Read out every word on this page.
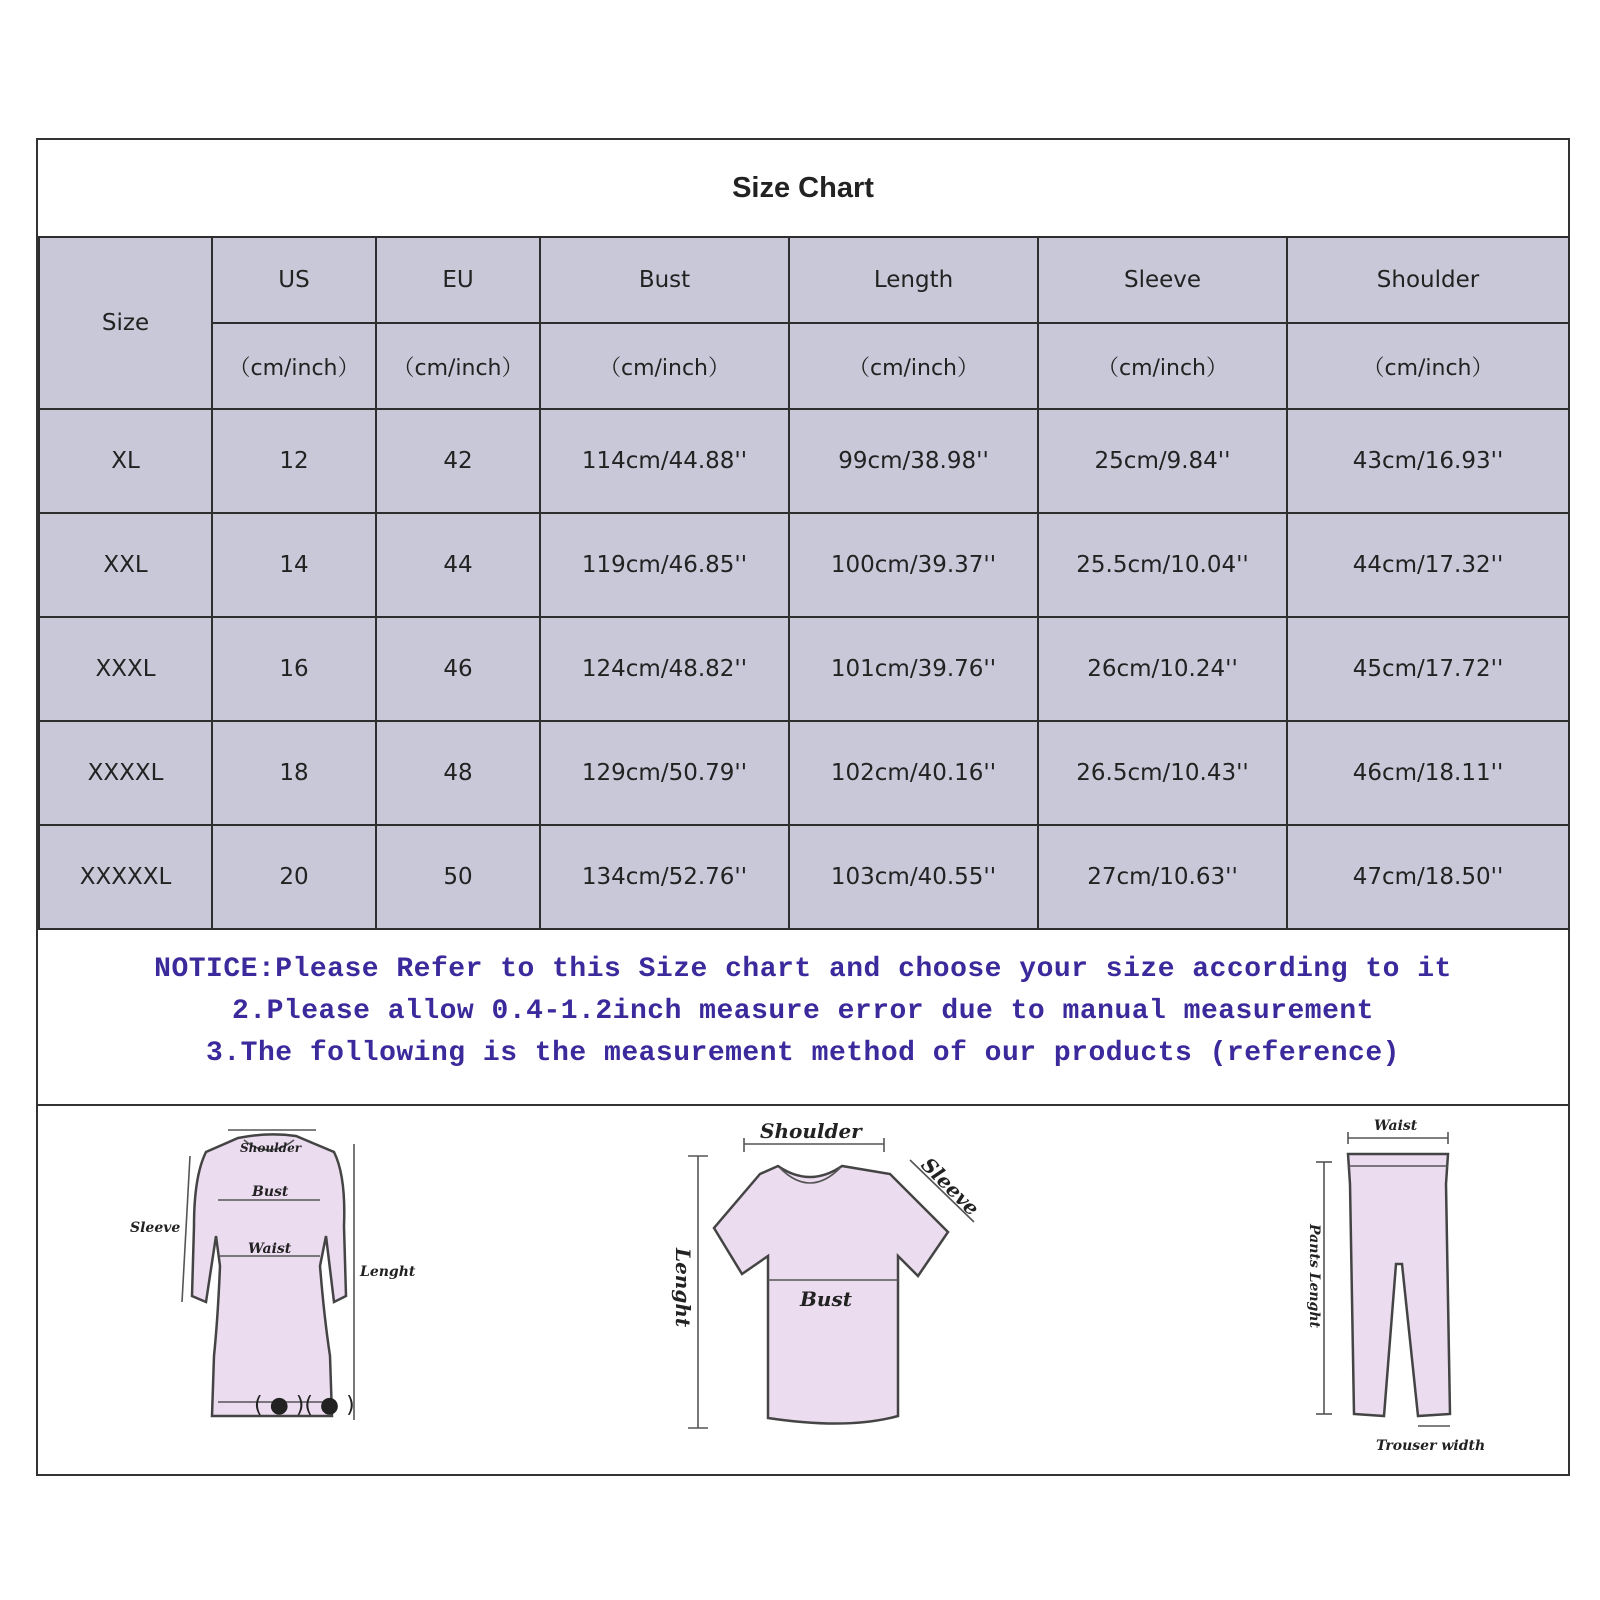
Size Chart
Size	US	EU	Bust	Length	Sleeve	Shoulder
	（cm/inch）	（cm/inch）	（cm/inch）	（cm/inch）	（cm/inch）	（cm/inch）
XL	12	42	114cm/44.88''	99cm/38.98''	25cm/9.84''	43cm/16.93''
XXL	14	44	119cm/46.85''	100cm/39.37''	25.5cm/10.04''	44cm/17.32''
XXXL	16	46	124cm/48.82''	101cm/39.76''	26cm/10.24''	45cm/17.72''
XXXXL	18	48	129cm/50.79''	102cm/40.16''	26.5cm/10.43''	46cm/18.11''
XXXXXL	20	50	134cm/52.76''	103cm/40.55''	27cm/10.63''	47cm/18.50''
NOTICE:Please Refer to this Size chart and choose your size according to it
2.Please allow 0.4-1.2inch measure error due to manual measurement
3.The following is the measurement method of our products (reference)
( ● )( ● )
Shoulder
Sleeve
Bust
Waist
Lenght
Shoulder
Sleeve
Bust
Lenght
Waist
Pants Lenght
Trouser width
